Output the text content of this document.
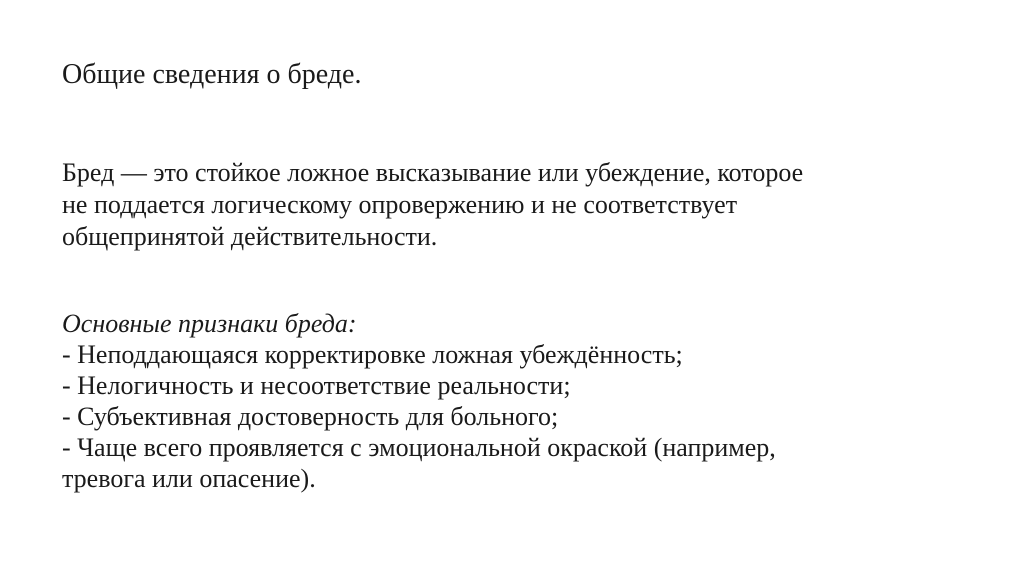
Общие сведения о бреде.

Бред — это стойкое ложное высказывание или убеждение, которое
не поддается логическому опровержению и не соответствует
общепринятой действительности.

Основные признаки бреда:
- Неподдающаяся корректировке ложная убеждённость;
- Нелогичность и несоответствие реальности;
- Субъективная достоверность для больного;
- Чаще всего проявляется с эмоциональной окраской (например,
тревога или опасение).
